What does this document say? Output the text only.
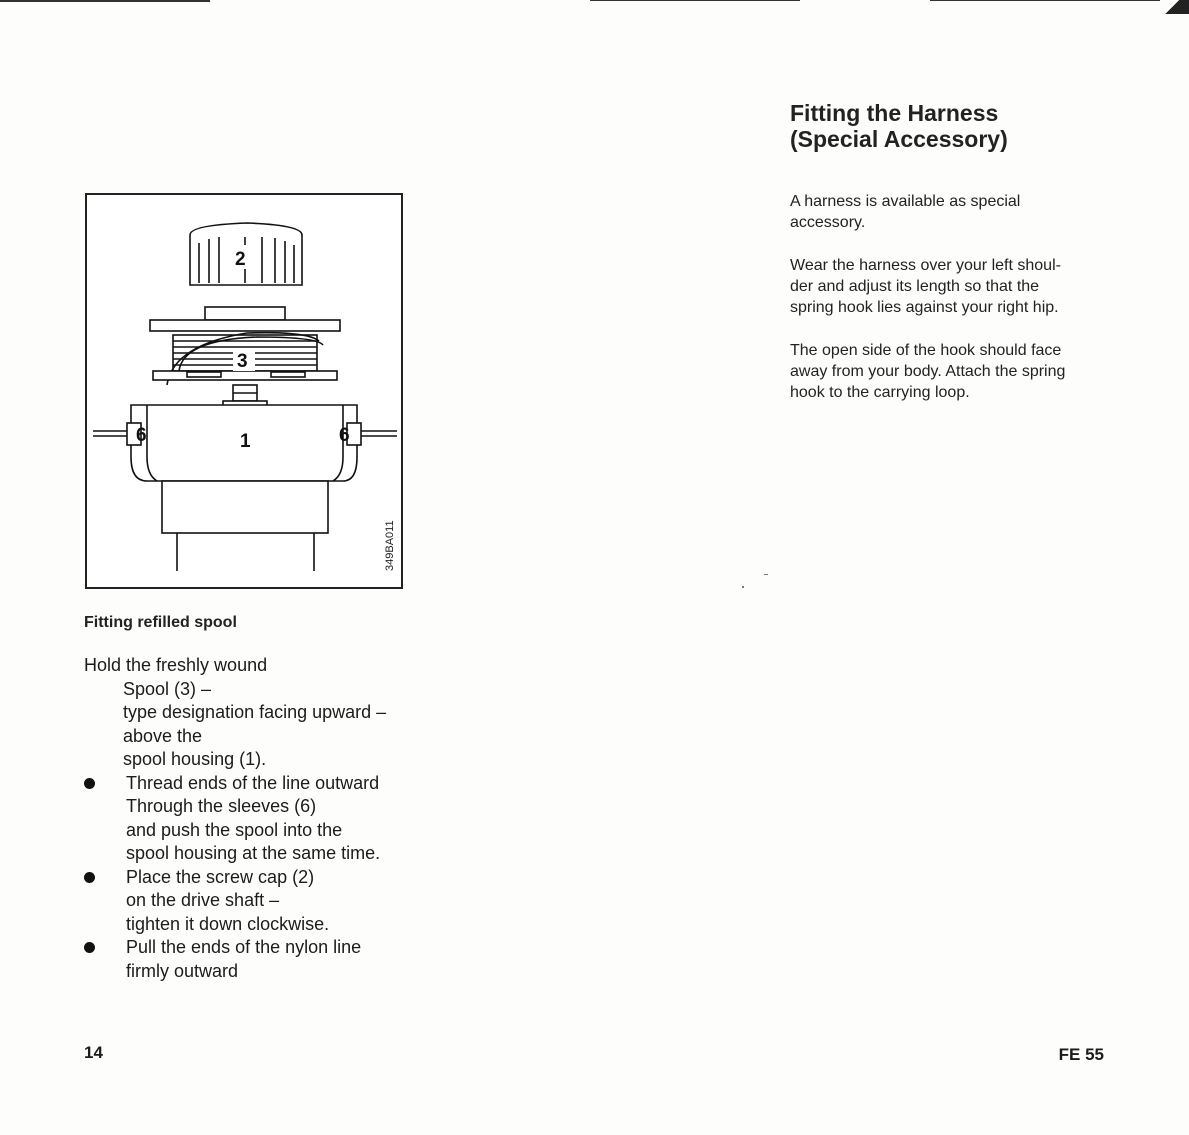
2
3
1
6	6
349BA011
Fitting refilled spool
Hold the freshly wound
Spool (3) –
type designation facing upward –
above the
spool housing (1).
Thread ends of the line outward
Through the sleeves (6)
and push the spool into the
spool housing at the same time.
Place the screw cap (2)
on the drive shaft –
tighten it down clockwise.
Pull the ends of the nylon line
firmly outward
14
Fitting the Harness
(Special Accessory)
A harness is available as special
accessory.
Wear the harness over your left shoul-
der and adjust its length so that the
spring hook lies against your right hip.
The open side of the hook should face
away from your body. Attach the spring
hook to the carrying loop.
FE 55
